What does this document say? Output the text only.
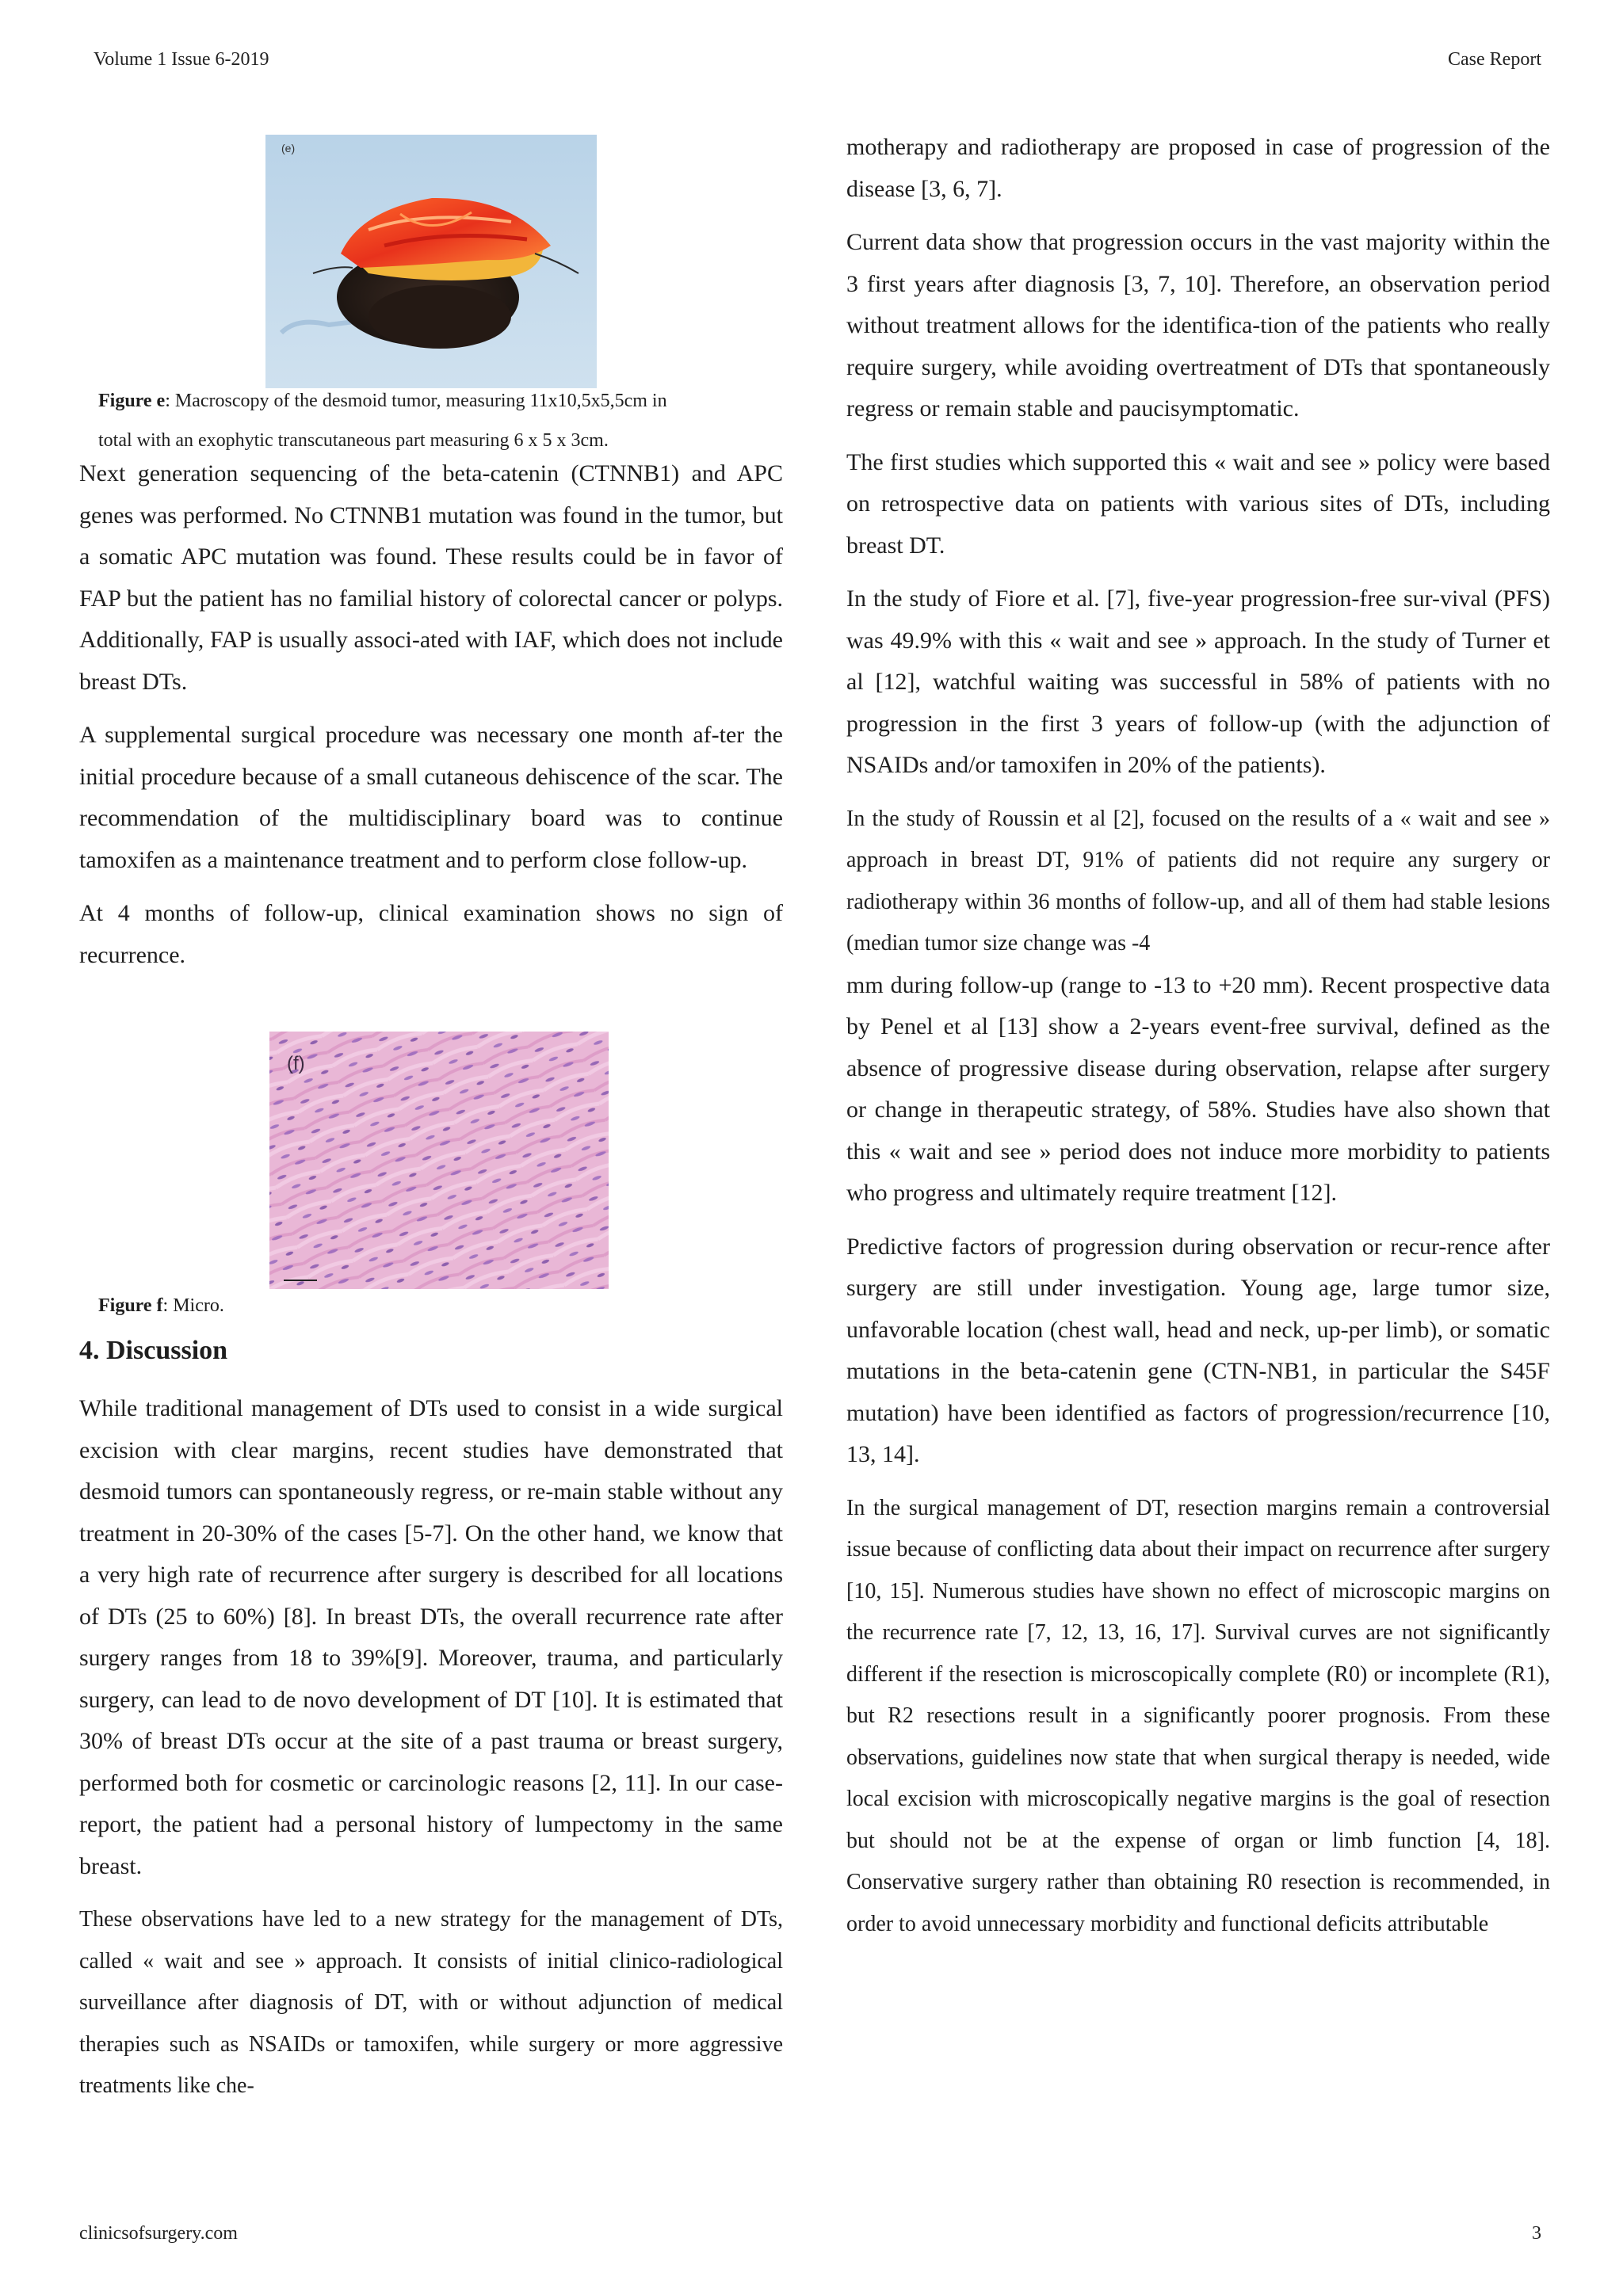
Volume 1 Issue 6-2019	Case Report
(e)
Figure e: Macroscopy of the desmoid tumor, measuring 11x10,5x5,5cm in
total with an exophytic transcutaneous part measuring 6 x 5 x 3cm.

Next generation sequencing of the beta-catenin (CTNNB1) and APC genes was performed. No CTNNB1 mutation was found in the tumor, but a somatic APC mutation was found. These results could be in favor of FAP but the patient has no familial history of colorectal cancer or polyps. Additionally, FAP is usually associ-ated with IAF, which does not include breast DTs.

A supplemental surgical procedure was necessary one month af-ter the initial procedure because of a small cutaneous dehiscence of the scar. The recommendation of the multidisciplinary board was to continue tamoxifen as a maintenance treatment and to perform close follow-up.

At 4 months of follow-up, clinical examination shows no sign of recurrence.

(f)
Figure f: Micro.
4. Discussion

While traditional management of DTs used to consist in a wide surgical excision with clear margins, recent studies have demonstrated that desmoid tumors can spontaneously regress, or re-main stable without any treatment in 20-30% of the cases [5-7]. On the other hand, we know that a very high rate of recurrence after surgery is described for all locations of DTs (25 to 60%) [8]. In breast DTs, the overall recurrence rate after surgery ranges from 18 to 39%[9]. Moreover, trauma, and particularly surgery, can lead to de novo development of DT [10]. It is estimated that 30% of breast DTs occur at the site of a past trauma or breast surgery, performed both for cosmetic or carcinologic reasons [2, 11]. In our case-report, the patient had a personal history of lumpectomy in the same breast.

These observations have led to a new strategy for the management of DTs, called « wait and see » approach. It consists of initial clinico-radiological surveillance after diagnosis of DT, with or without adjunction of medical therapies such as NSAIDs or tamoxifen, while surgery or more aggressive treatments like che-

motherapy and radiotherapy are proposed in case of progression of the disease [3, 6, 7].

Current data show that progression occurs in the vast majority within the 3 first years after diagnosis [3, 7, 10]. Therefore, an observation period without treatment allows for the identifica-tion of the patients who really require surgery, while avoiding overtreatment of DTs that spontaneously regress or remain stable and paucisymptomatic.

The first studies which supported this « wait and see » policy were based on retrospective data on patients with various sites of DTs, including breast DT.

In the study of Fiore et al. [7], five-year progression-free sur-vival (PFS) was 49.9% with this « wait and see » approach. In the study of Turner et al [12], watchful waiting was successful in 58% of patients with no progression in the first 3 years of follow-up (with the adjunction of NSAIDs and/or tamoxifen in 20% of the patients).

In the study of Roussin et al [2], focused on the results of a « wait and see » approach in breast DT, 91% of patients did not require any surgery or radiotherapy within 36 months of follow-up, and all of them had stable lesions (median tumor size change was -4

mm during follow-up (range to -13 to +20 mm). Recent prospective data by Penel et al [13] show a 2-years event-free survival, defined as the absence of progressive disease during observation, relapse after surgery or change in therapeutic strategy, of 58%. Studies have also shown that this « wait and see » period does not induce more morbidity to patients who progress and ultimately require treatment [12].

Predictive factors of progression during observation or recur-rence after surgery are still under investigation. Young age, large tumor size, unfavorable location (chest wall, head and neck, up-per limb), or somatic mutations in the beta-catenin gene (CTN-NB1, in particular the S45F mutation) have been identified as factors of progression/recurrence [10, 13, 14].

In the surgical management of DT, resection margins remain a controversial issue because of conflicting data about their impact on recurrence after surgery [10, 15]. Numerous studies have shown no effect of microscopic margins on the recurrence rate [7, 12, 13, 16, 17]. Survival curves are not significantly different if the resection is microscopically complete (R0) or incomplete (R1), but R2 resections result in a significantly poorer prognosis. From these observations, guidelines now state that when surgical therapy is needed, wide local excision with microscopically negative margins is the goal of resection but should not be at the expense of organ or limb function [4, 18]. Conservative surgery rather than obtaining R0 resection is recommended, in order to avoid unnecessary morbidity and functional deficits attributable

clinicsofsurgery.com	3
